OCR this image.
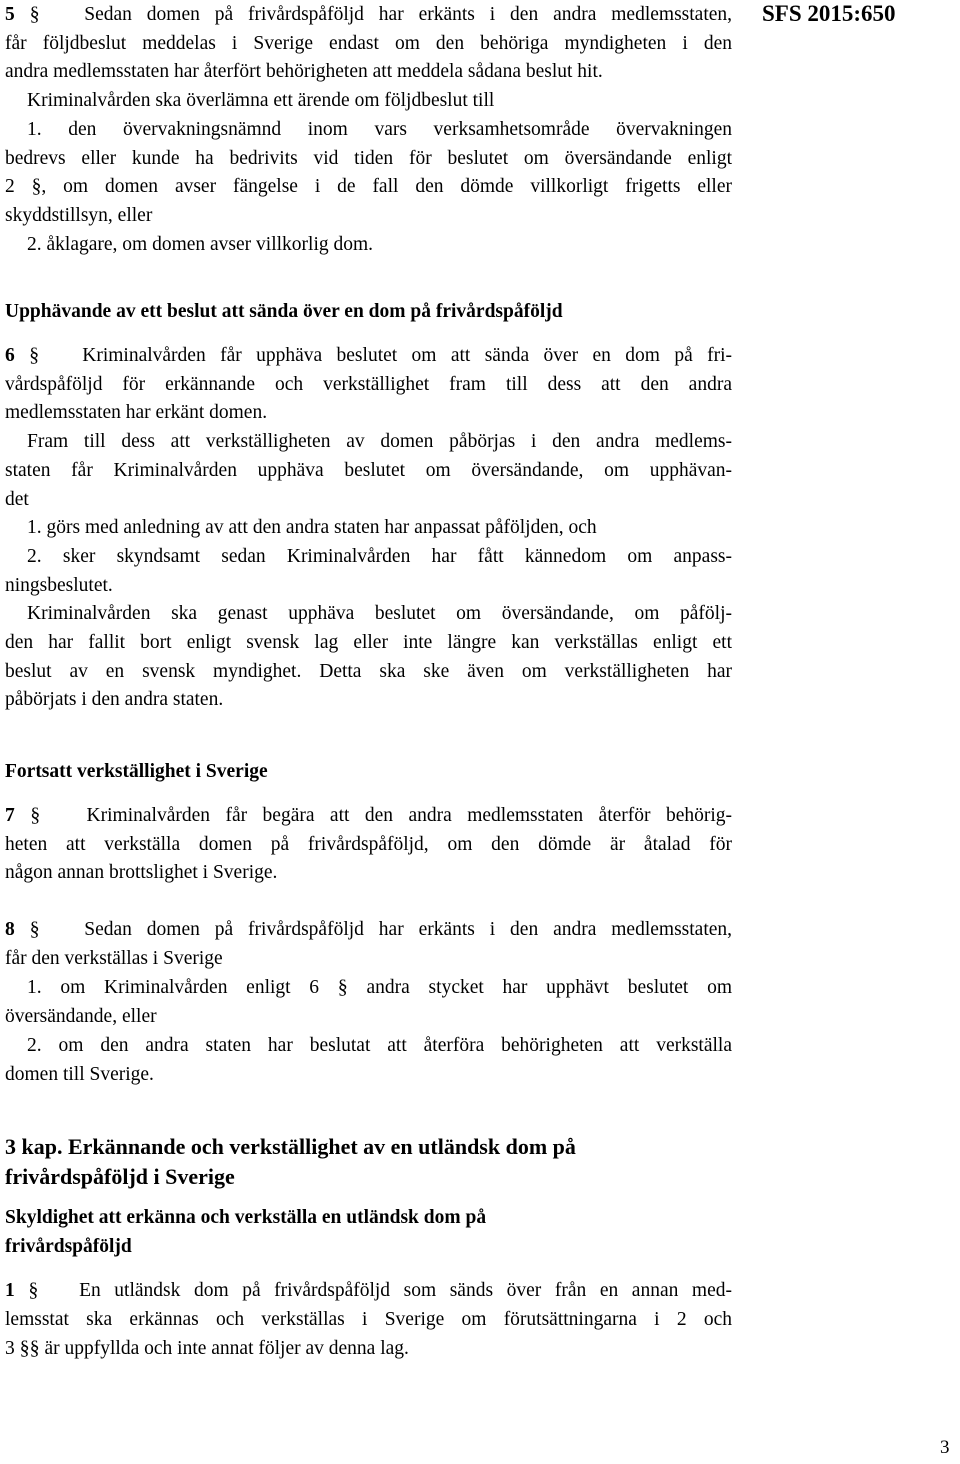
SFS 2015:650
5 § Sedan domen på frivårdspåföljd har erkänts i den andra medlemsstaten,
får följdbeslut meddelas i Sverige endast om den behöriga myndigheten i den
andra medlemsstaten har återfört behörigheten att meddela sådana beslut hit.
Kriminalvården ska överlämna ett ärende om följdbeslut till
1. den övervakningsnämnd inom vars verksamhetsområde övervakningen
bedrevs eller kunde ha bedrivits vid tiden för beslutet om översändande enligt
2 §, om domen avser fängelse i de fall den dömde villkorligt frigetts eller
skyddstillsyn, eller
2. åklagare, om domen avser villkorlig dom.
Upphävande av ett beslut att sända över en dom på frivårdspåföljd
6 § Kriminalvården får upphäva beslutet om att sända över en dom på fri-
vårdspåföljd för erkännande och verkställighet fram till dess att den andra
medlemsstaten har erkänt domen.
Fram till dess att verkställigheten av domen påbörjas i den andra medlems-
staten får Kriminalvården upphäva beslutet om översändande, om upphävan-
det
1. görs med anledning av att den andra staten har anpassat påföljden, och
2. sker skyndsamt sedan Kriminalvården har fått kännedom om anpass-
ningsbeslutet.
Kriminalvården ska genast upphäva beslutet om översändande, om påfölj-
den har fallit bort enligt svensk lag eller inte längre kan verkställas enligt ett
beslut av en svensk myndighet. Detta ska ske även om verkställigheten har
påbörjats i den andra staten.
Fortsatt verkställighet i Sverige
7 § Kriminalvården får begära att den andra medlemsstaten återför behörig-
heten att verkställa domen på frivårdspåföljd, om den dömde är åtalad för
någon annan brottslighet i Sverige.
8 § Sedan domen på frivårdspåföljd har erkänts i den andra medlemsstaten,
får den verkställas i Sverige
1. om Kriminalvården enligt 6 § andra stycket har upphävt beslutet om
översändande, eller
2. om den andra staten har beslutat att återföra behörigheten att verkställa
domen till Sverige.
3 kap. Erkännande och verkställighet av en utländsk dom på
frivårdspåföljd i Sverige
Skyldighet att erkänna och verkställa en utländsk dom på
frivårdspåföljd
1 § En utländsk dom på frivårdspåföljd som sänds över från en annan med-
lemsstat ska erkännas och verkställas i Sverige om förutsättningarna i 2 och
3 §§ är uppfyllda och inte annat följer av denna lag.
3
